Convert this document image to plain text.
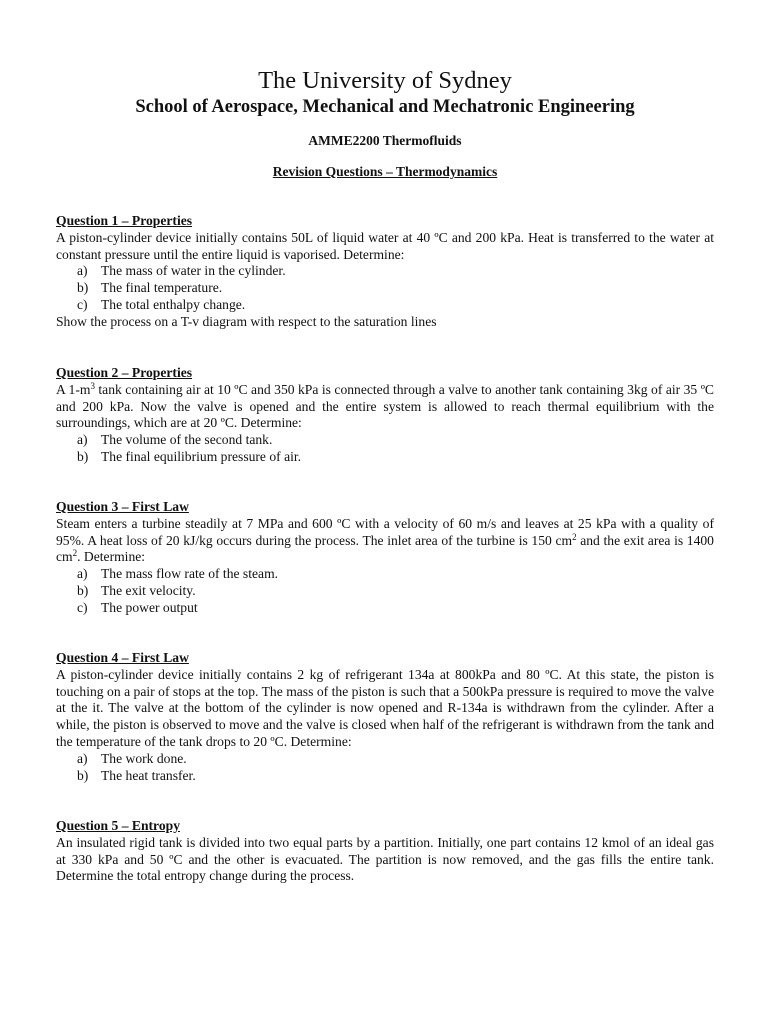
The University of Sydney
School of Aerospace, Mechanical and Mechatronic Engineering
AMME2200 Thermofluids
Revision Questions – Thermodynamics
Question 1 – Properties
A piston-cylinder device initially contains 50L of liquid water at 40 ºC and 200 kPa. Heat is transferred to the water at constant pressure until the entire liquid is vaporised. Determine:
a) The mass of water in the cylinder.
b) The final temperature.
c) The total enthalpy change.
Show the process on a T-v diagram with respect to the saturation lines
Question 2 – Properties
A $1-m^3$ tank containing air at 10 ºC and 350 kPa is connected through a valve to another tank containing 3kg of air 35 ºC and 200 kPa. Now the valve is opened and the entire system is allowed to reach thermal equilibrium with the surroundings, which are at 20 ºC. Determine:
a) The volume of the second tank.
b) The final equilibrium pressure of air.
Question 3 – First Law
Steam enters a turbine steadily at 7 MPa and 600 ºC with a velocity of 60 m/s and leaves at 25 kPa with a quality of 95%. A heat loss of 20 kJ/kg occurs during the process. The inlet area of the turbine is 150 $cm^2$ and the exit area is 1400 $cm^2$. Determine:
a) The mass flow rate of the steam.
b) The exit velocity.
c) The power output
Question 4 – First Law
A piston-cylinder device initially contains 2 kg of refrigerant 134a at 800kPa and 80 ºC. At this state, the piston is touching on a pair of stops at the top. The mass of the piston is such that a 500kPa pressure is required to move the valve at the it. The valve at the bottom of the cylinder is now opened and R-134a is withdrawn from the cylinder. After a while, the piston is observed to move and the valve is closed when half of the refrigerant is withdrawn from the tank and the temperature of the tank drops to 20 ºC. Determine:
a) The work done.
b) The heat transfer.
Question 5 – Entropy
An insulated rigid tank is divided into two equal parts by a partition. Initially, one part contains 12 kmol of an ideal gas at 330 kPa and 50 ºC and the other is evacuated. The partition is now removed, and the gas fills the entire tank. Determine the total entropy change during the process.
